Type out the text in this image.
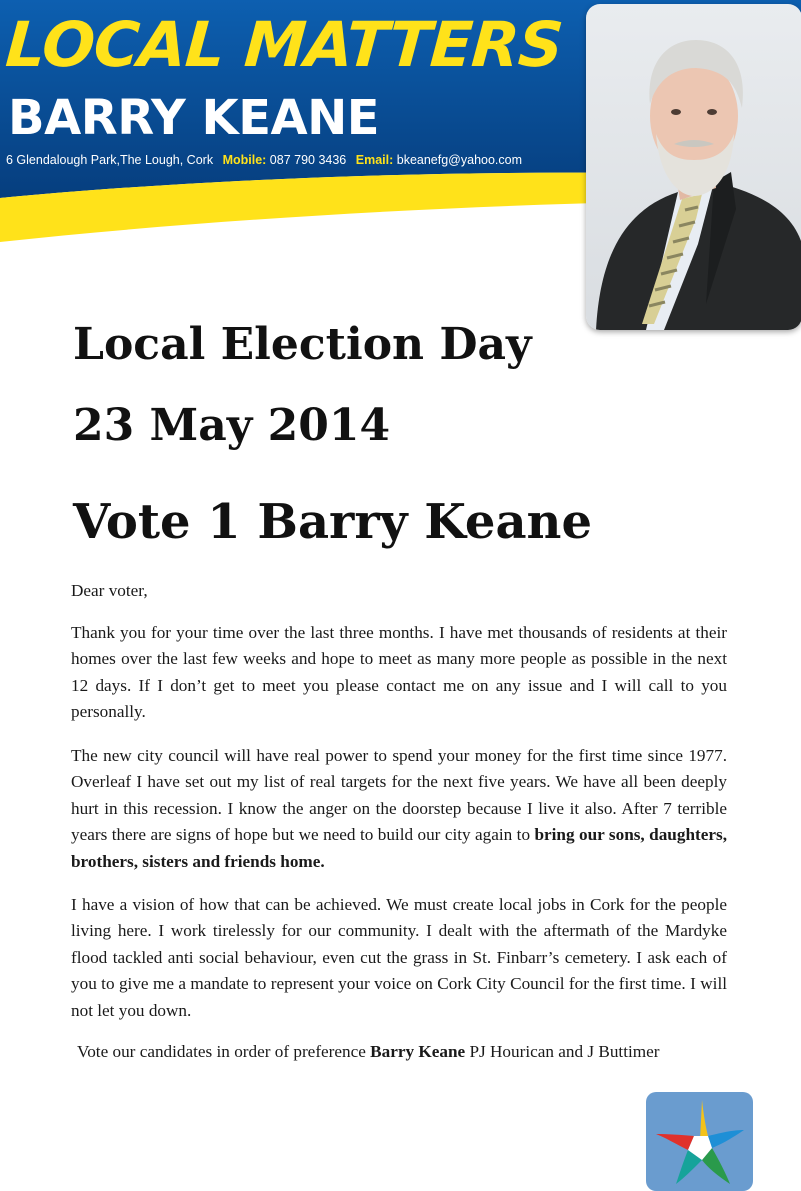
LOCAL MATTERS
BARRY KEANE
6 Glendalough Park,The Lough, Cork Mobile: 087 790 3436 Email: bkeanefg@yahoo.com
Local Election Day
23 May 2014
Vote 1 Barry Keane
Dear voter,
Thank you for your time over the last three months. I have met thousands of residents at their homes over the last few weeks and hope to meet as many more people as possible in the next 12 days. If I don’t get to meet you please contact me on any issue and I will call to you personally.
The new city council will have real power to spend your money for the first time since 1977. Overleaf I have set out my list of real targets for the next five years. We have all been deeply hurt in this recession. I know the anger on the doorstep because I live it also. After 7 terrible years there are signs of hope but we need to build our city again to bring our sons, daughters, brothers, sisters and friends home.
I have a vision of how that can be achieved. We must create local jobs in Cork for the people living here. I work tirelessly for our community. I dealt with the aftermath of the Mardyke flood tackled anti social behaviour, even cut the grass in St. Finbarr’s cemetery. I ask each of you to give me a mandate to represent your voice on Cork City Council for the first time. I will not let you down.
Vote our candidates in order of preference Barry Keane PJ Hourican and J Buttimer
